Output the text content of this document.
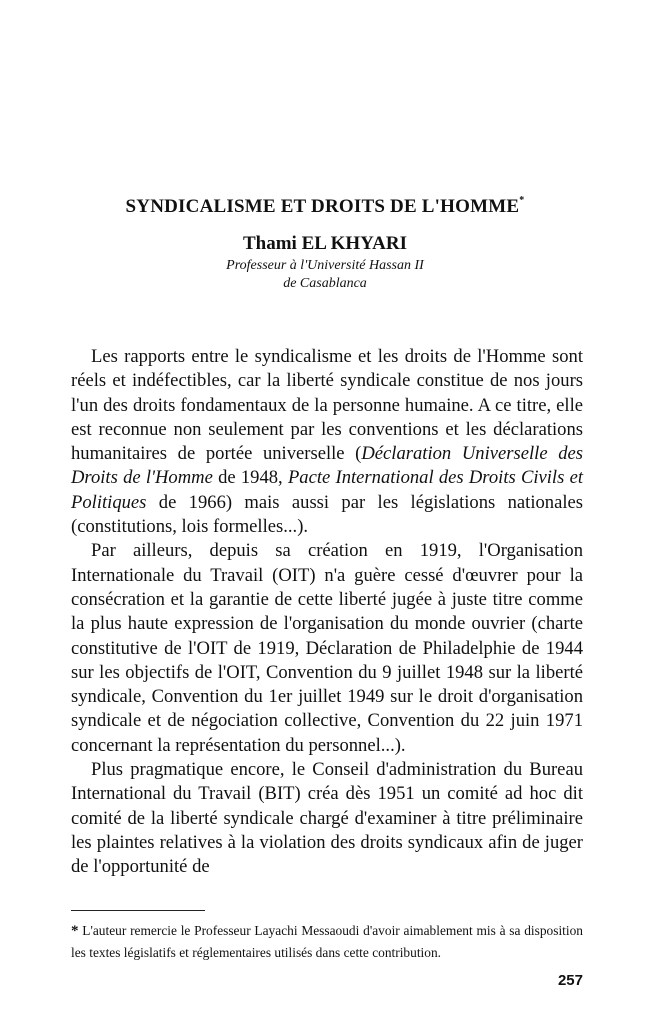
SYNDICALISME ET DROITS DE L'HOMME*
Thami EL KHYARI
Professeur à l'Université Hassan II
de Casablanca

Les rapports entre le syndicalisme et les droits de l'Homme sont réels et indéfectibles, car la liberté syndicale constitue de nos jours l'un des droits fondamentaux de la personne humaine. A ce titre, elle est reconnue non seulement par les conventions et les déclarations humanitaires de portée universelle (Déclaration Universelle des Droits de l'Homme de 1948, Pacte International des Droits Civils et Politiques de 1966) mais aussi par les législations nationales (constitutions, lois formelles...).

Par ailleurs, depuis sa création en 1919, l'Organisation Internationale du Travail (OIT) n'a guère cessé d'œuvrer pour la consécration et la garantie de cette liberté jugée à juste titre comme la plus haute expression de l'organisation du monde ouvrier (charte constitutive de l'OIT de 1919, Déclaration de Philadelphie de 1944 sur les objectifs de l'OIT, Convention du 9 juillet 1948 sur la liberté syndicale, Convention du 1er juillet 1949 sur le droit d'organisation syndicale et de négociation collective, Convention du 22 juin 1971 concernant la représentation du personnel...).

Plus pragmatique encore, le Conseil d'administration du Bureau International du Travail (BIT) créa dès 1951 un comité ad hoc dit comité de la liberté syndicale chargé d'examiner à titre préliminaire les plaintes relatives à la violation des droits syndicaux afin de juger de l'opportunité de

* L'auteur remercie le Professeur Layachi Messaoudi d'avoir aimablement mis à sa disposition les textes législatifs et réglementaires utilisés dans cette contribution.
257
